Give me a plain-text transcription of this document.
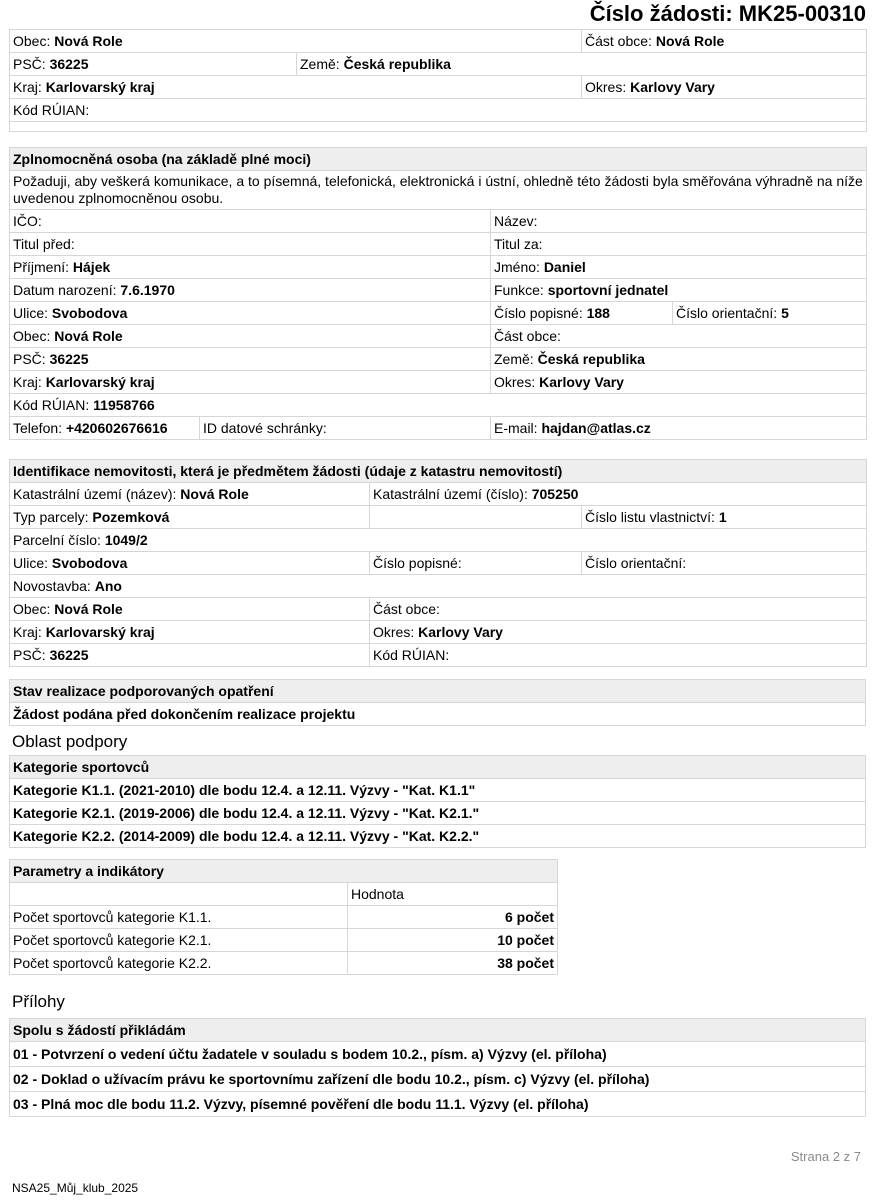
Číslo žádosti: MK25-00310
Obec: Nová Role		Část obce: Nová Role
PSČ: 36225	Země: Česká republika	
Kraj: Karlovarský kraj		Okres: Karlovy Vary
Kód RÚIAN:		

Zplnomocněná osoba (na základě plné moci)			
Požaduji, aby veškerá komunikace, a to písemná, telefonická, elektronická i ústní, ohledně této žádosti byla směřována výhradně na níže uvedenou zplnomocněnou osobu.			
IČO:		Název:	
Titul před:		Titul za:	
Příjmení: Hájek		Jméno: Daniel	
Datum narození: 7.6.1970		Funkce: sportovní jednatel	
Ulice: Svobodova		Číslo popisné: 188	Číslo orientační: 5
Obec: Nová Role		Část obce:	
PSČ: 36225		Země: Česká republika	
Kraj: Karlovarský kraj		Okres: Karlovy Vary	
Kód RÚIAN: 11958766			
Telefon: +420602676616	ID datové schránky:	E-mail: hajdan@atlas.cz	
Identifikace nemovitosti, která je předmětem žádosti (údaje z katastru nemovitostí)		
Katastrální území (název): Nová Role	Katastrální území (číslo): 705250	
Typ parcely: Pozemková		Číslo listu vlastnictví: 1
Parcelní číslo: 1049/2		
Ulice: Svobodova	Číslo popisné:	Číslo orientační:
Novostavba: Ano		
Obec: Nová Role	Část obce:	
Kraj: Karlovarský kraj	Okres: Karlovy Vary	
PSČ: 36225	Kód RÚIAN:	
Stav realizace podporovaných opatření
Žádost podána před dokončením realizace projektu
Oblast podpory
Kategorie sportovců
Kategorie K1.1. (2021-2010) dle bodu 12.4. a 12.11. Výzvy - "Kat. K1.1"
Kategorie K2.1. (2019-2006) dle bodu 12.4. a 12.11. Výzvy - "Kat. K2.1."
Kategorie K2.2. (2014-2009) dle bodu 12.4. a 12.11. Výzvy - "Kat. K2.2."
Parametry a indikátory	
	Hodnota
Počet sportovců kategorie K1.1.	6 počet
Počet sportovců kategorie K2.1.	10 počet
Počet sportovců kategorie K2.2.	38 počet
Přílohy
Spolu s žádostí přikládám
01 - Potvrzení o vedení účtu žadatele v souladu s bodem 10.2., písm. a) Výzvy (el. příloha)
02 - Doklad o užívacím právu ke sportovnímu zařízení dle bodu 10.2., písm. c) Výzvy (el. příloha)
03 - Plná moc dle bodu 11.2. Výzvy, písemné pověření dle bodu 11.1. Výzvy (el. příloha)
Strana 2 z 7
NSA25_Můj_klub_2025
